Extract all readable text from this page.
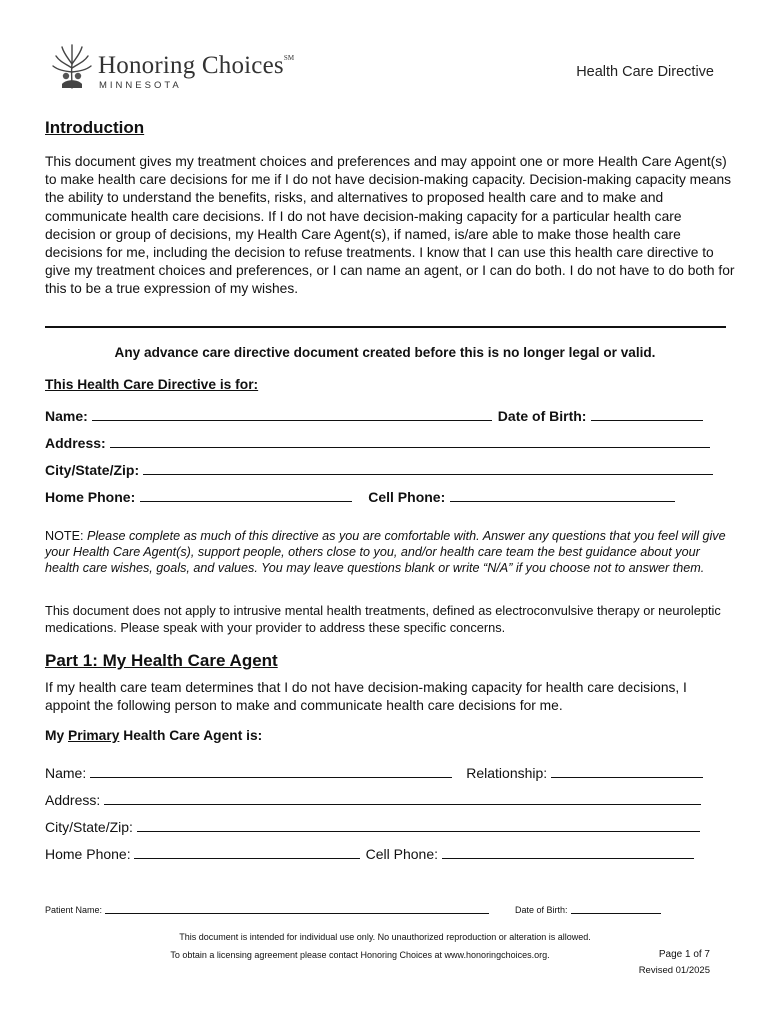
Honoring Choices℠
MINNESOTA
Health Care Directive
Introduction
This document gives my treatment choices and preferences and may appoint one or more Health Care Agent(s) to make health care decisions for me if I do not have decision-making capacity. Decision-making capacity means the ability to understand the benefits, risks, and alternatives to proposed health care and to make and communicate health care decisions. If I do not have decision-making capacity for a particular health care decision or group of decisions, my Health Care Agent(s), if named, is/are able to make those health care decisions for me, including the decision to refuse treatments. I know that I can use this health care directive to give my treatment choices and preferences, or I can name an agent, or I can do both. I do not have to do both for this to be a true expression of my wishes.
Any advance care directive document created before this is no longer legal or valid.
This Health Care Directive is for:
Name:	Date of Birth:
Address:
City/State/Zip:
Home Phone:	Cell Phone:
NOTE: Please complete as much of this directive as you are comfortable with. Answer any questions that you feel will give your Health Care Agent(s), support people, others close to you, and/or health care team the best guidance about your health care wishes, goals, and values. You may leave questions blank or write “N/A” if you choose not to answer them.
This document does not apply to intrusive mental health treatments, defined as electroconvulsive therapy or neuroleptic medications. Please speak with your provider to address these specific concerns.
Part 1: My Health Care Agent
If my health care team determines that I do not have decision-making capacity for health care decisions, I appoint the following person to make and communicate health care decisions for me.
My Primary Health Care Agent is:
Name:	Relationship:
Address:
City/State/Zip:
Home Phone:	Cell Phone:
Patient Name:	Date of Birth:
This document is intended for individual use only. No unauthorized reproduction or alteration is allowed.
To obtain a licensing agreement please contact Honoring Choices at www.honoringchoices.org.	Page 1 of 7
Revised 01/2025
